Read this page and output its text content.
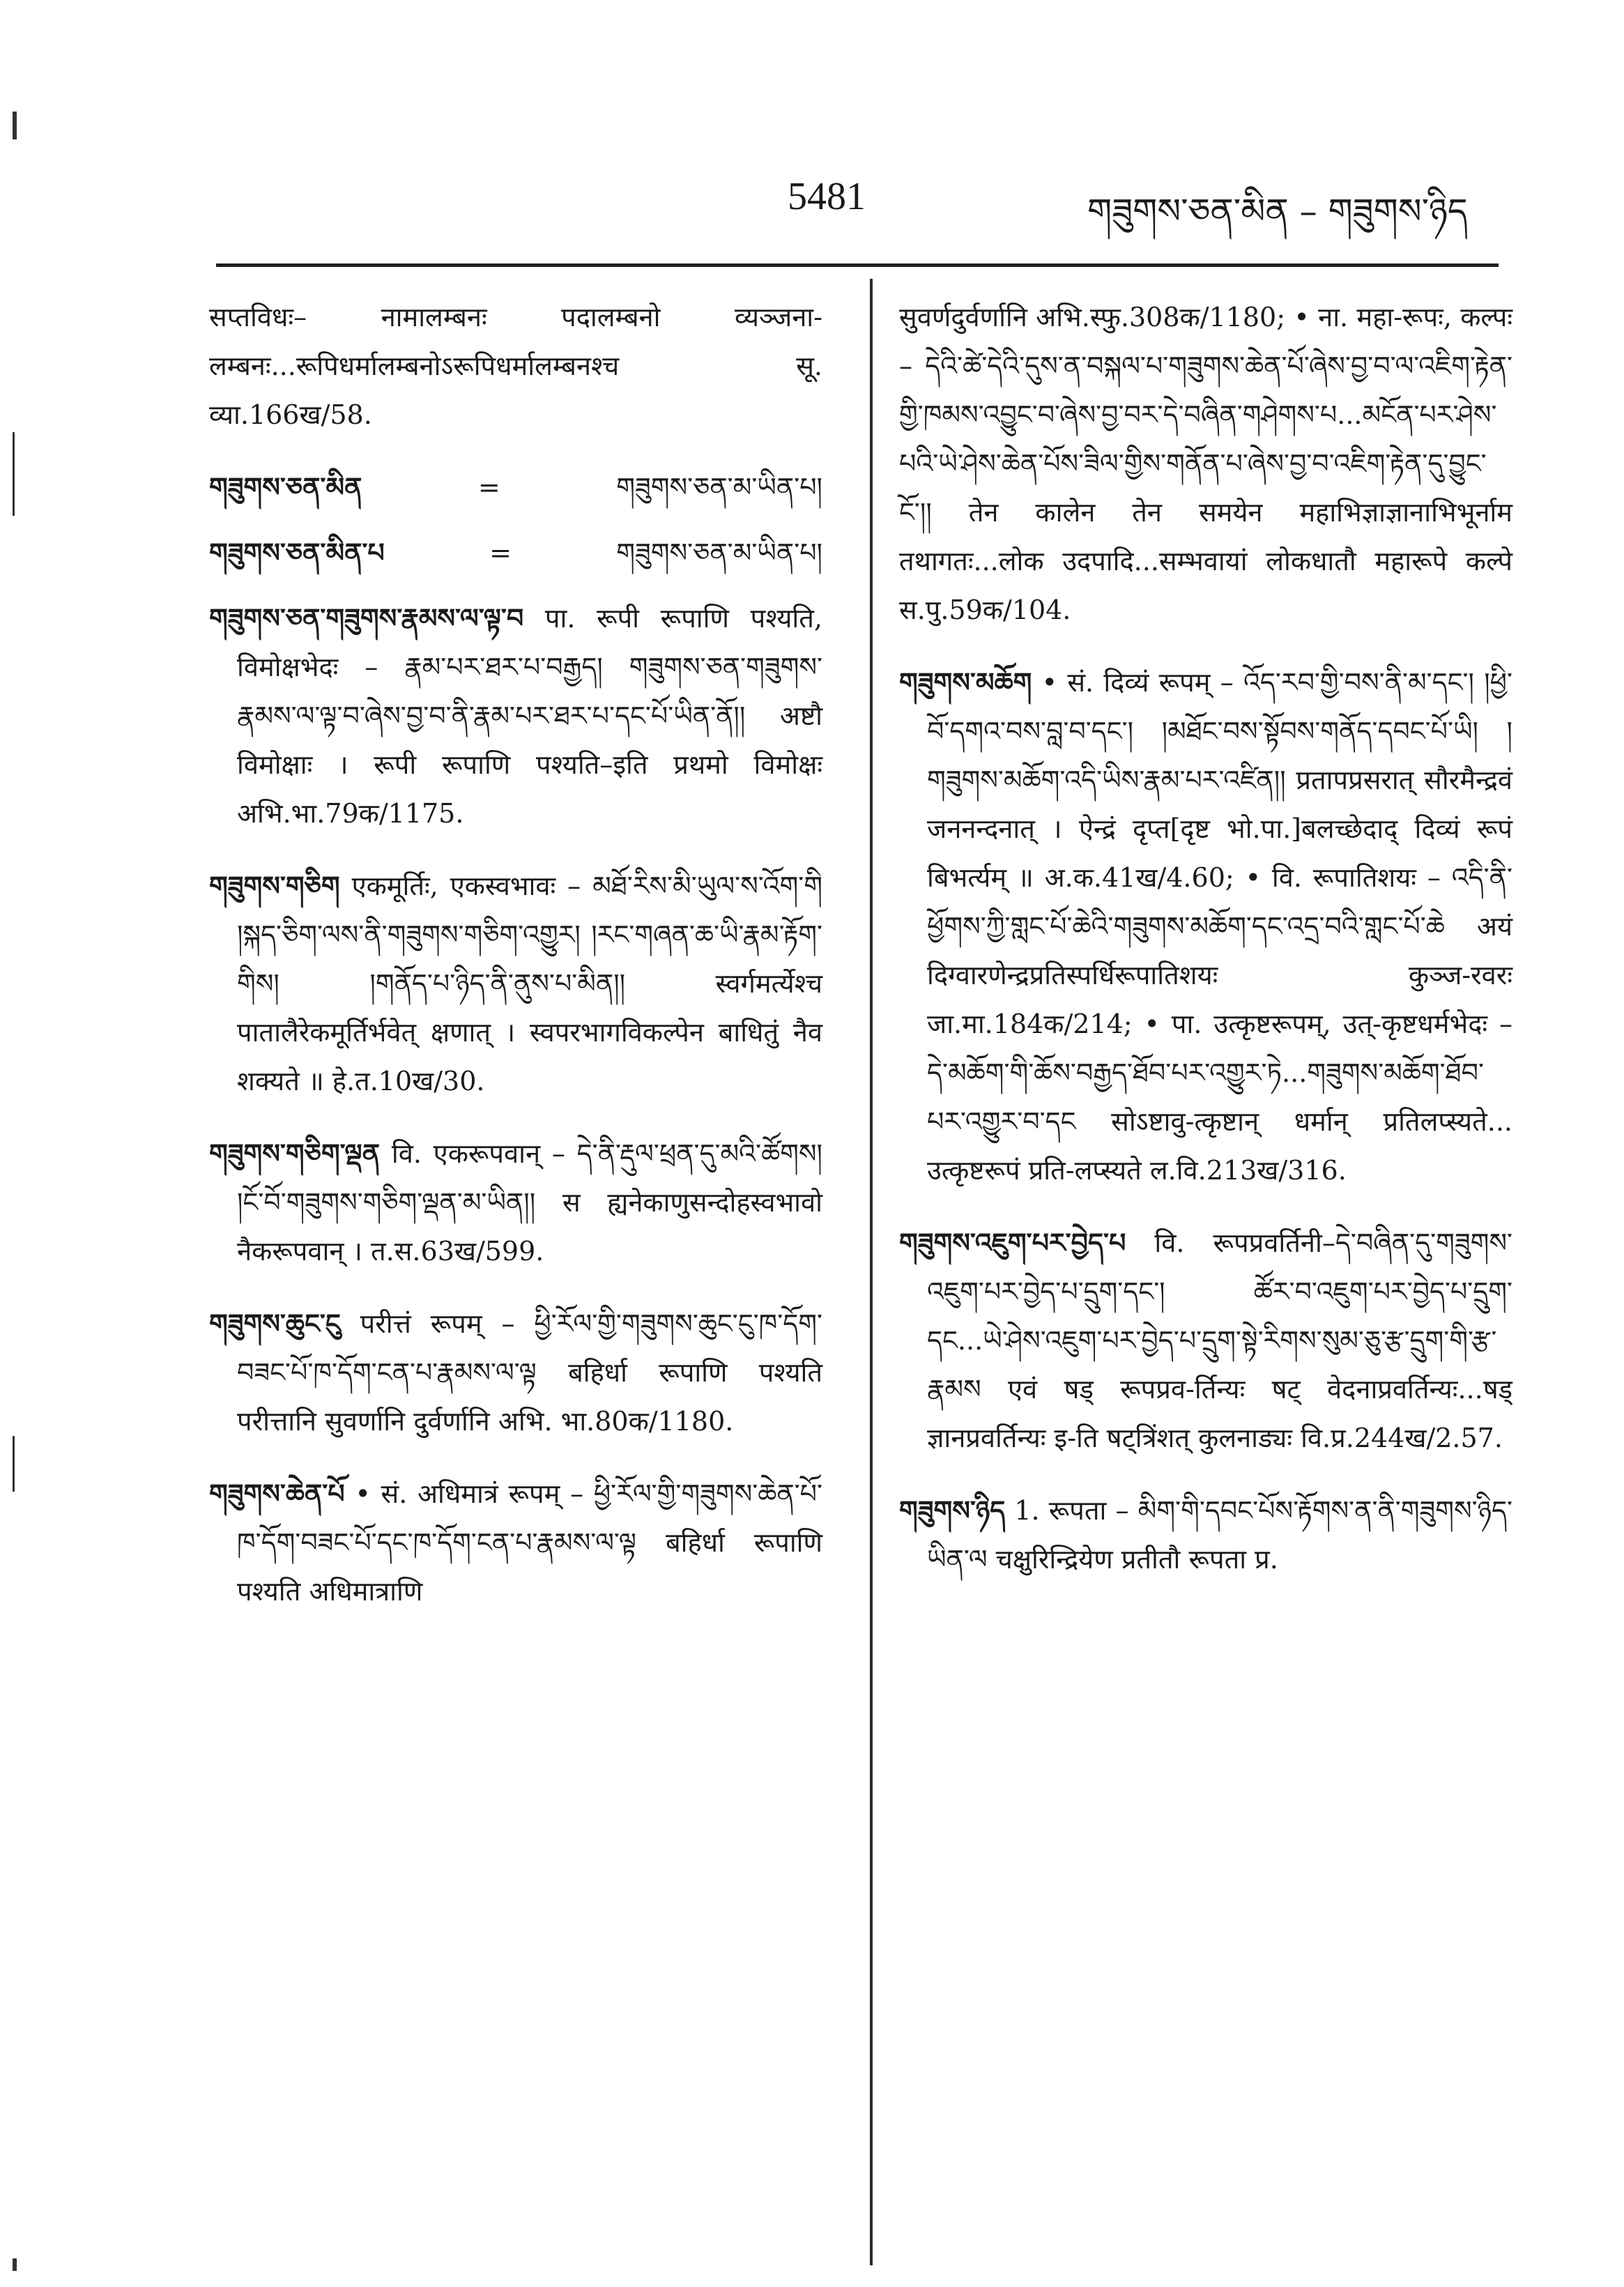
5481	གཟུགས་ཅན་མིན – གཟུགས་ཉིད

सप्तविधः– नामालम्बनः पदालम्बनो व्यञ्जना-लम्बनः...रूपिधर्मालम्बनोऽरूपिधर्मालम्बनश्च सू. व्या.166ख/58.

གཟུགས་ཅན་མིན	=	གཟུགས་ཅན་མ་ཡིན་པ།
གཟུགས་ཅན་མིན་པ	=	གཟུགས་ཅན་མ་ཡིན་པ།

གཟུགས་ཅན་གཟུགས་རྣམས་ལ་ལྟ་བ पा. रूपी रूपाणि पश्यति, विमोक्षभेदः – རྣམ་པར་ཐར་པ་བརྒྱད། གཟུགས་ཅན་གཟུགས་རྣམས་ལ་ལྟ་བ་ཞེས་བྱ་བ་ནི་རྣམ་པར་ཐར་པ་དང་པོ་ཡིན་ནོ།། अष्टौ विमोक्षाः । रूपी रूपाणि पश्यति–इति प्रथमो विमोक्षः अभि.भा.79क/1175.

གཟུགས་གཅིག एकमूर्तिः, एकस्वभावः – མཐོ་རིས་མི་ཡུལ་ས་འོག་གི །སྐད་ཅིག་ལས་ནི་གཟུགས་གཅིག་འགྱུར། །རང་གཞན་ཆ་ཡི་རྣམ་རྟོག་གིས། །གནོད་པ་ཉིད་ནི་ནུས་པ་མིན།། स्वर्गमर्त्येश्च पातालैरेकमूर्तिर्भवेत् क्षणात् । स्वपरभागविकल्पेन बाधितुं नैव शक्यते ॥ हे.त.10ख/30.

གཟུགས་གཅིག་ལྡན वि. एकरूपवान् – དེ་ནི་རྡུལ་ཕྲན་དུ་མའི་ཚོགས། །ངོ་བོ་གཟུགས་གཅིག་ལྡན་མ་ཡིན།། स ह्यनेकाणुसन्दोहस्वभावो नैकरूपवान् । त.स.63ख/599.

གཟུགས་ཆུང་ངུ परीत्तं रूपम् – ཕྱི་རོལ་གྱི་གཟུགས་ཆུང་ངུ་ཁ་དོག་བཟང་པོ་ཁ་དོག་ངན་པ་རྣམས་ལ་ལྟ बहिर्धा रूपाणि पश्यति परीत्तानि सुवर्णानि दुर्वर्णानि अभि. भा.80क/1180.

གཟུགས་ཆེན་པོ • सं. अधिमात्रं रूपम् – ཕྱི་རོལ་གྱི་གཟུགས་ཆེན་པོ་ཁ་དོག་བཟང་པོ་དང་ཁ་དོག་ངན་པ་རྣམས་ལ་ལྟ बहिर्धा रूपाणि पश्यति अधिमात्राणि

सुवर्णदुर्वर्णानि अभि.स्फु.308क/1180; • ना. महा-रूपः, कल्पः – དེའི་ཚེ་དེའི་དུས་ན་བསྐལ་པ་གཟུགས་ཆེན་པོ་ཞེས་བྱ་བ་ལ་འཇིག་རྟེན་གྱི་ཁམས་འབྱུང་བ་ཞེས་བྱ་བར་དེ་བཞིན་གཤེགས་པ...མངོན་པར་ཤེས་པའི་ཡེ་ཤེས་ཆེན་པོས་ཟིལ་གྱིས་གནོན་པ་ཞེས་བྱ་བ་འཇིག་རྟེན་དུ་བྱུང་ངོ་།། तेन कालेन तेन समयेन महाभिज्ञाज्ञानाभिभूर्नाम तथागतः...लोक उदपादि...सम्भवायां लोकधातौ महारूपे कल्पे स.पु.59क/104.

གཟུགས་མཆོག • सं. दिव्यं रूपम् – འོད་རབ་གྱི་བས་ནི་མ་དང་། །ཕྱི་བོ་དགའ་བས་བླ་བ་དང་། །མཐོང་བས་སྟོབས་གནོད་དབང་པོ་ཡི། །གཟུགས་མཆོག་འདི་ཡིས་རྣམ་པར་འཛིན།། प्रतापप्रसरात् सौरमैन्द्रवं जननन्दनात् । ऐन्द्रं दृप्त[दृष्ट भो.पा.]बलच्छेदाद् दिव्यं रूपं बिभर्त्यम् ॥ अ.क.41ख/4.60; • वि. रूपातिशयः – འདི་ནི་ཕྱོགས་ཀྱི་གླང་པོ་ཆེའི་གཟུགས་མཆོག་དང་འདྲ་བའི་གླང་པོ་ཆེ अयं दिग्वारणेन्द्रप्रतिस्पर्धिरूपातिशयः कुञ्ज-रवरः जा.मा.184क/214; • पा. उत्कृष्टरूपम्, उत्-कृष्टधर्मभेदः – དེ་མཆོག་གི་ཆོས་བརྒྱད་ཐོབ་པར་འགྱུར་ཏེ...གཟུགས་མཆོག་ཐོབ་པར་འགྱུར་བ་དང सोऽष्टावु-त्कृष्टान् धर्मान् प्रतिलप्स्यते... उत्कृष्टरूपं प्रति-लप्स्यते ल.वि.213ख/316.

གཟུགས་འཇུག་པར་བྱེད་པ वि. रूपप्रवर्तिनी–དེ་བཞིན་དུ་གཟུགས་འཇུག་པར་བྱེད་པ་དྲུག་དང་། ཚོར་བ་འཇུག་པར་བྱེད་པ་དྲུག་དང...ཡེ་ཤེས་འཇུག་པར་བྱེད་པ་དྲུག་སྟེ་རིགས་སུམ་ཅུ་རྩ་དྲུག་གི་རྩ་རྣམས एवं षड् रूपप्रव-र्तिन्यः षट् वेदनाप्रवर्तिन्यः...षड् ज्ञानप्रवर्तिन्यः इ-ति षट्त्रिंशत् कुलनाड्यः वि.प्र.244ख/2.57.

གཟུགས་ཉིད 1. रूपता – མིག་གི་དབང་པོས་རྟོགས་ན་ནི་གཟུགས་ཉིད་ཡིན་ལ चक्षुरिन्द्रियेण प्रतीतौ रूपता प्र.
